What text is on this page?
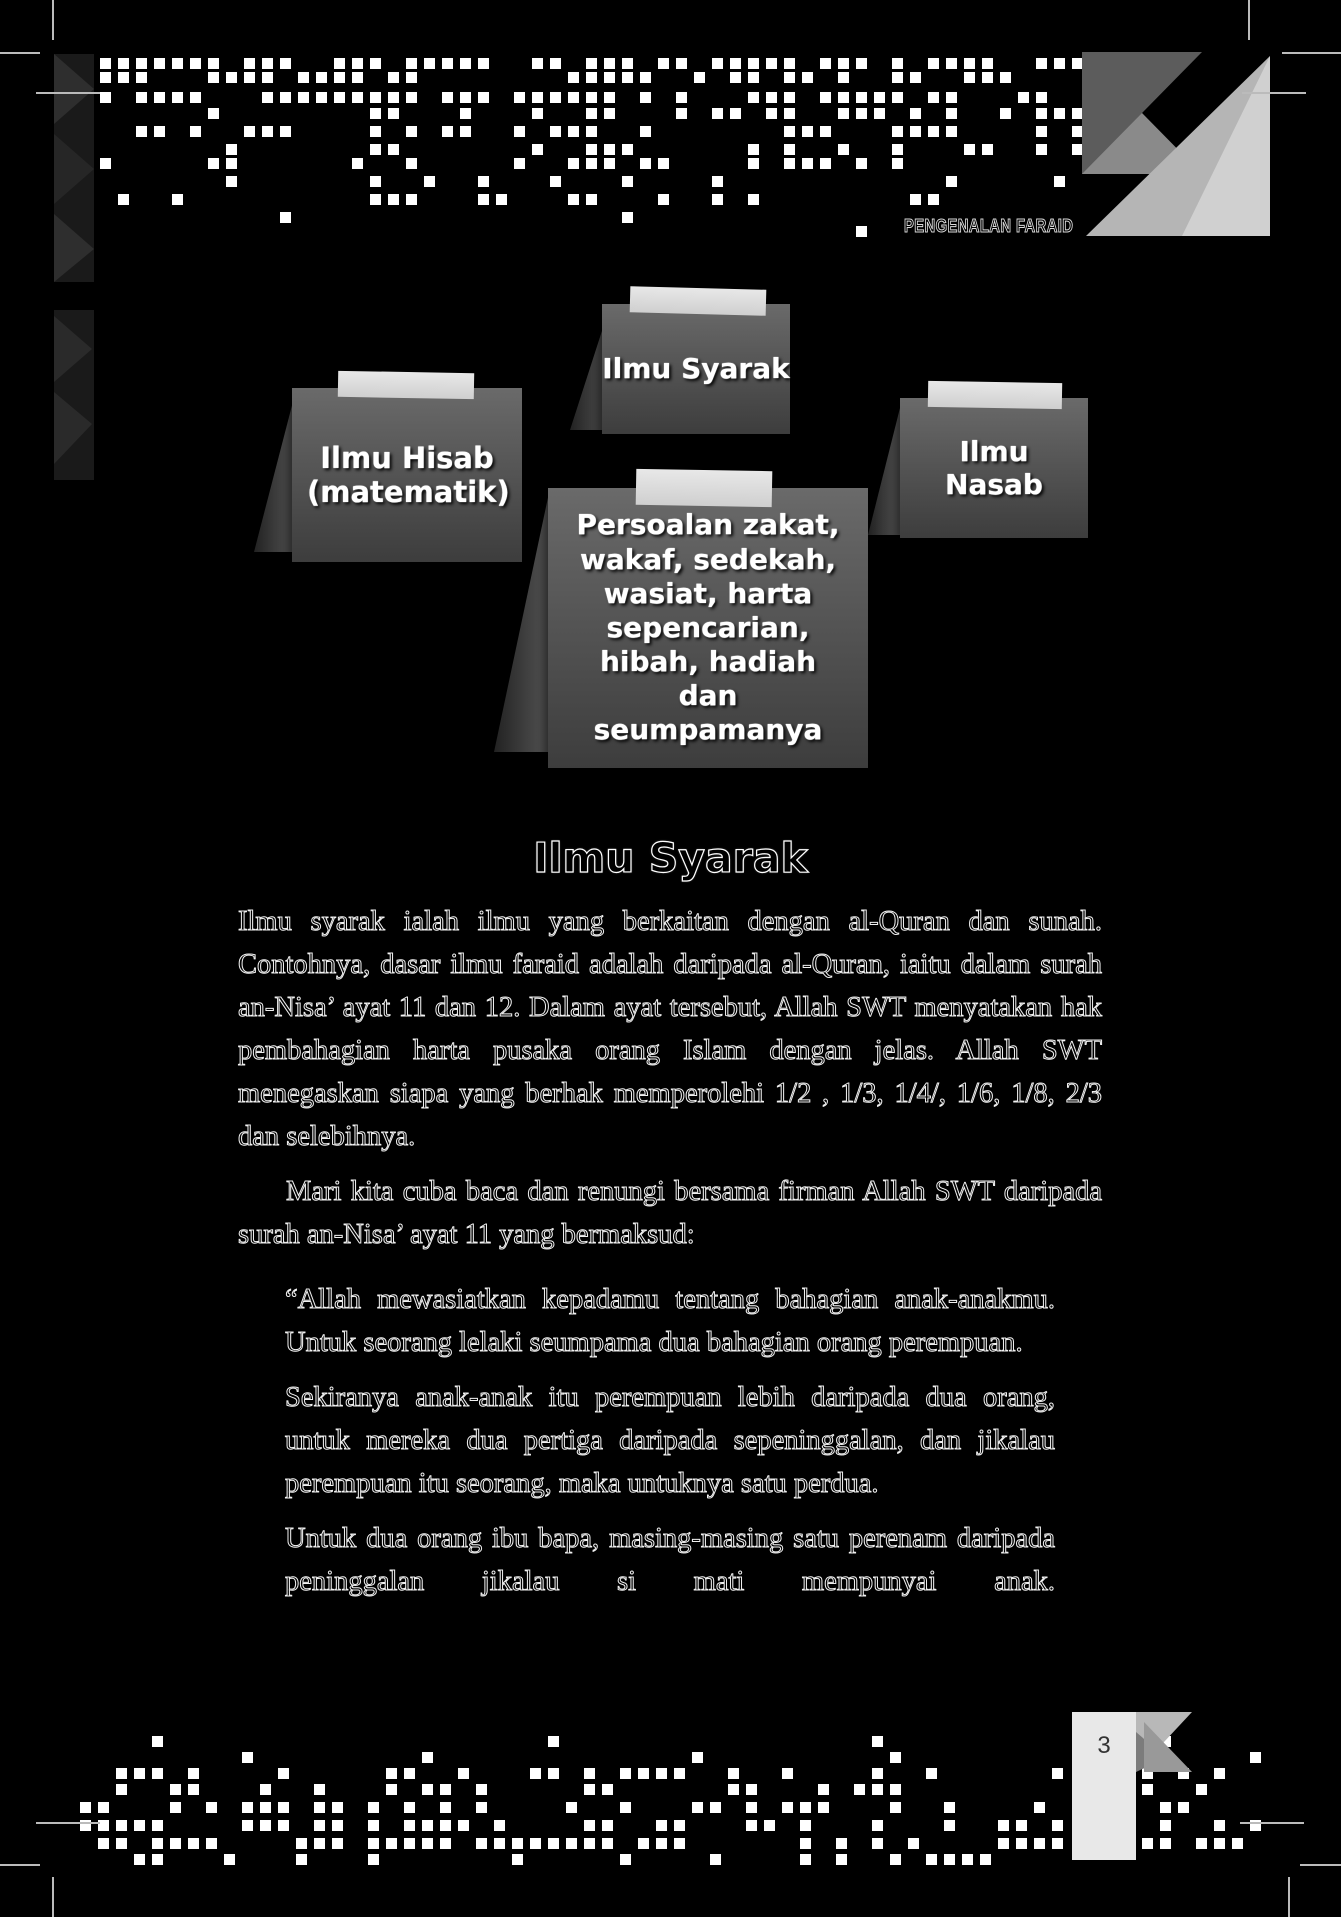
PENGENALAN FARAID
Ilmu Syarak
Ilmu Hisab (matematik)
Ilmu Nasab
Persoalan zakat, wakaf, sedekah, wasiat, harta sepencarian, hibah, hadiah dan seumpamanya
Ilmu Syarak

Ilmu syarak ialah ilmu yang berkaitan dengan al-Quran dan sunah. Contohnya, dasar ilmu faraid adalah daripada al-Quran, iaitu dalam surah an-Nisa’ ayat 11 dan 12. Dalam ayat tersebut, Allah SWT menyatakan hak pembahagian harta pusaka orang Islam dengan jelas. Allah SWT menegaskan siapa yang berhak memperolehi 1/2 , 1/3, 1/4/, 1/6, 1/8, 2/3 dan selebihnya.

Mari kita cuba baca dan renungi bersama firman Allah SWT daripada surah an-Nisa’ ayat 11 yang bermaksud:

“Allah mewasiatkan kepadamu tentang bahagian anak-anakmu. Untuk seorang lelaki seumpama dua bahagian orang perempuan.

Sekiranya anak-anak itu perempuan lebih daripada dua orang, untuk mereka dua pertiga daripada sepeninggalan, dan jikalau perempuan itu seorang, maka untuknya satu perdua.

Untuk dua orang ibu bapa, masing-masing satu perenam daripada peninggalan jikalau si mati mempunyai anak.

3
